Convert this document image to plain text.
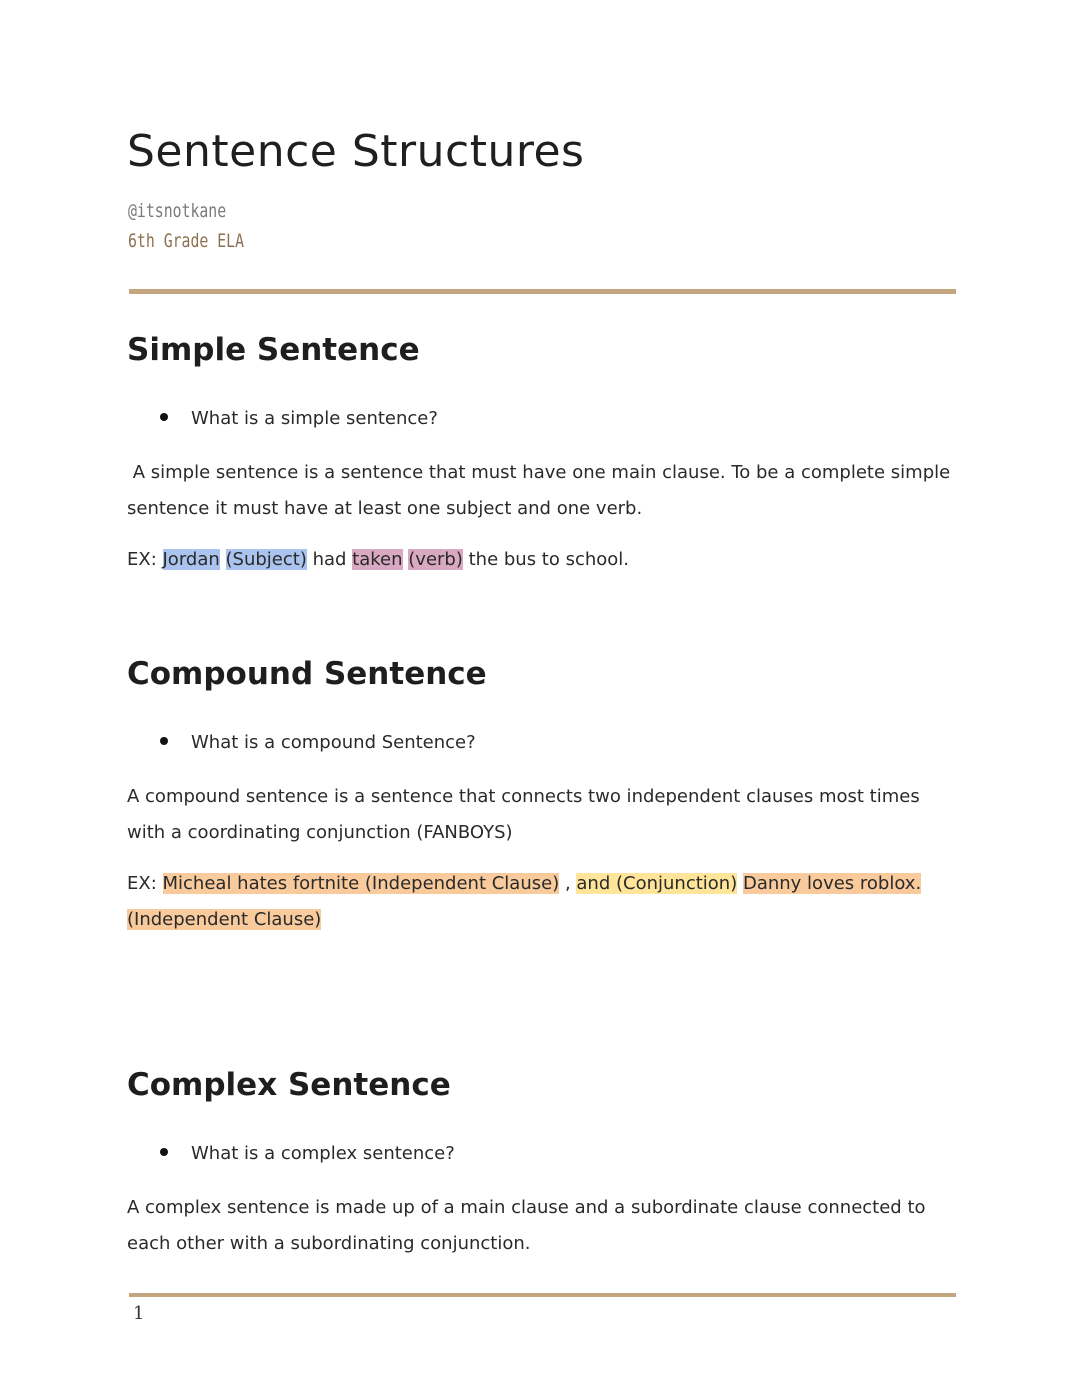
Sentence Structures
@itsnotkane
6th Grade ELA
Simple Sentence
What is a simple sentence?

A simple sentence is a sentence that must have one main clause. To be a complete simple
sentence it must have at least one subject and one verb.

EX: Jordan (Subject) had taken (verb) the bus to school.

Compound Sentence
What is a compound Sentence?

A compound sentence is a sentence that connects two independent clauses most times
with a coordinating conjunction (FANBOYS)

EX: Micheal hates fortnite (Independent Clause) , and (Conjunction) Danny loves roblox.
(Independent Clause)

Complex Sentence
What is a complex sentence?

A complex sentence is made up of a main clause and a subordinate clause connected to
each other with a subordinating conjunction.

1
